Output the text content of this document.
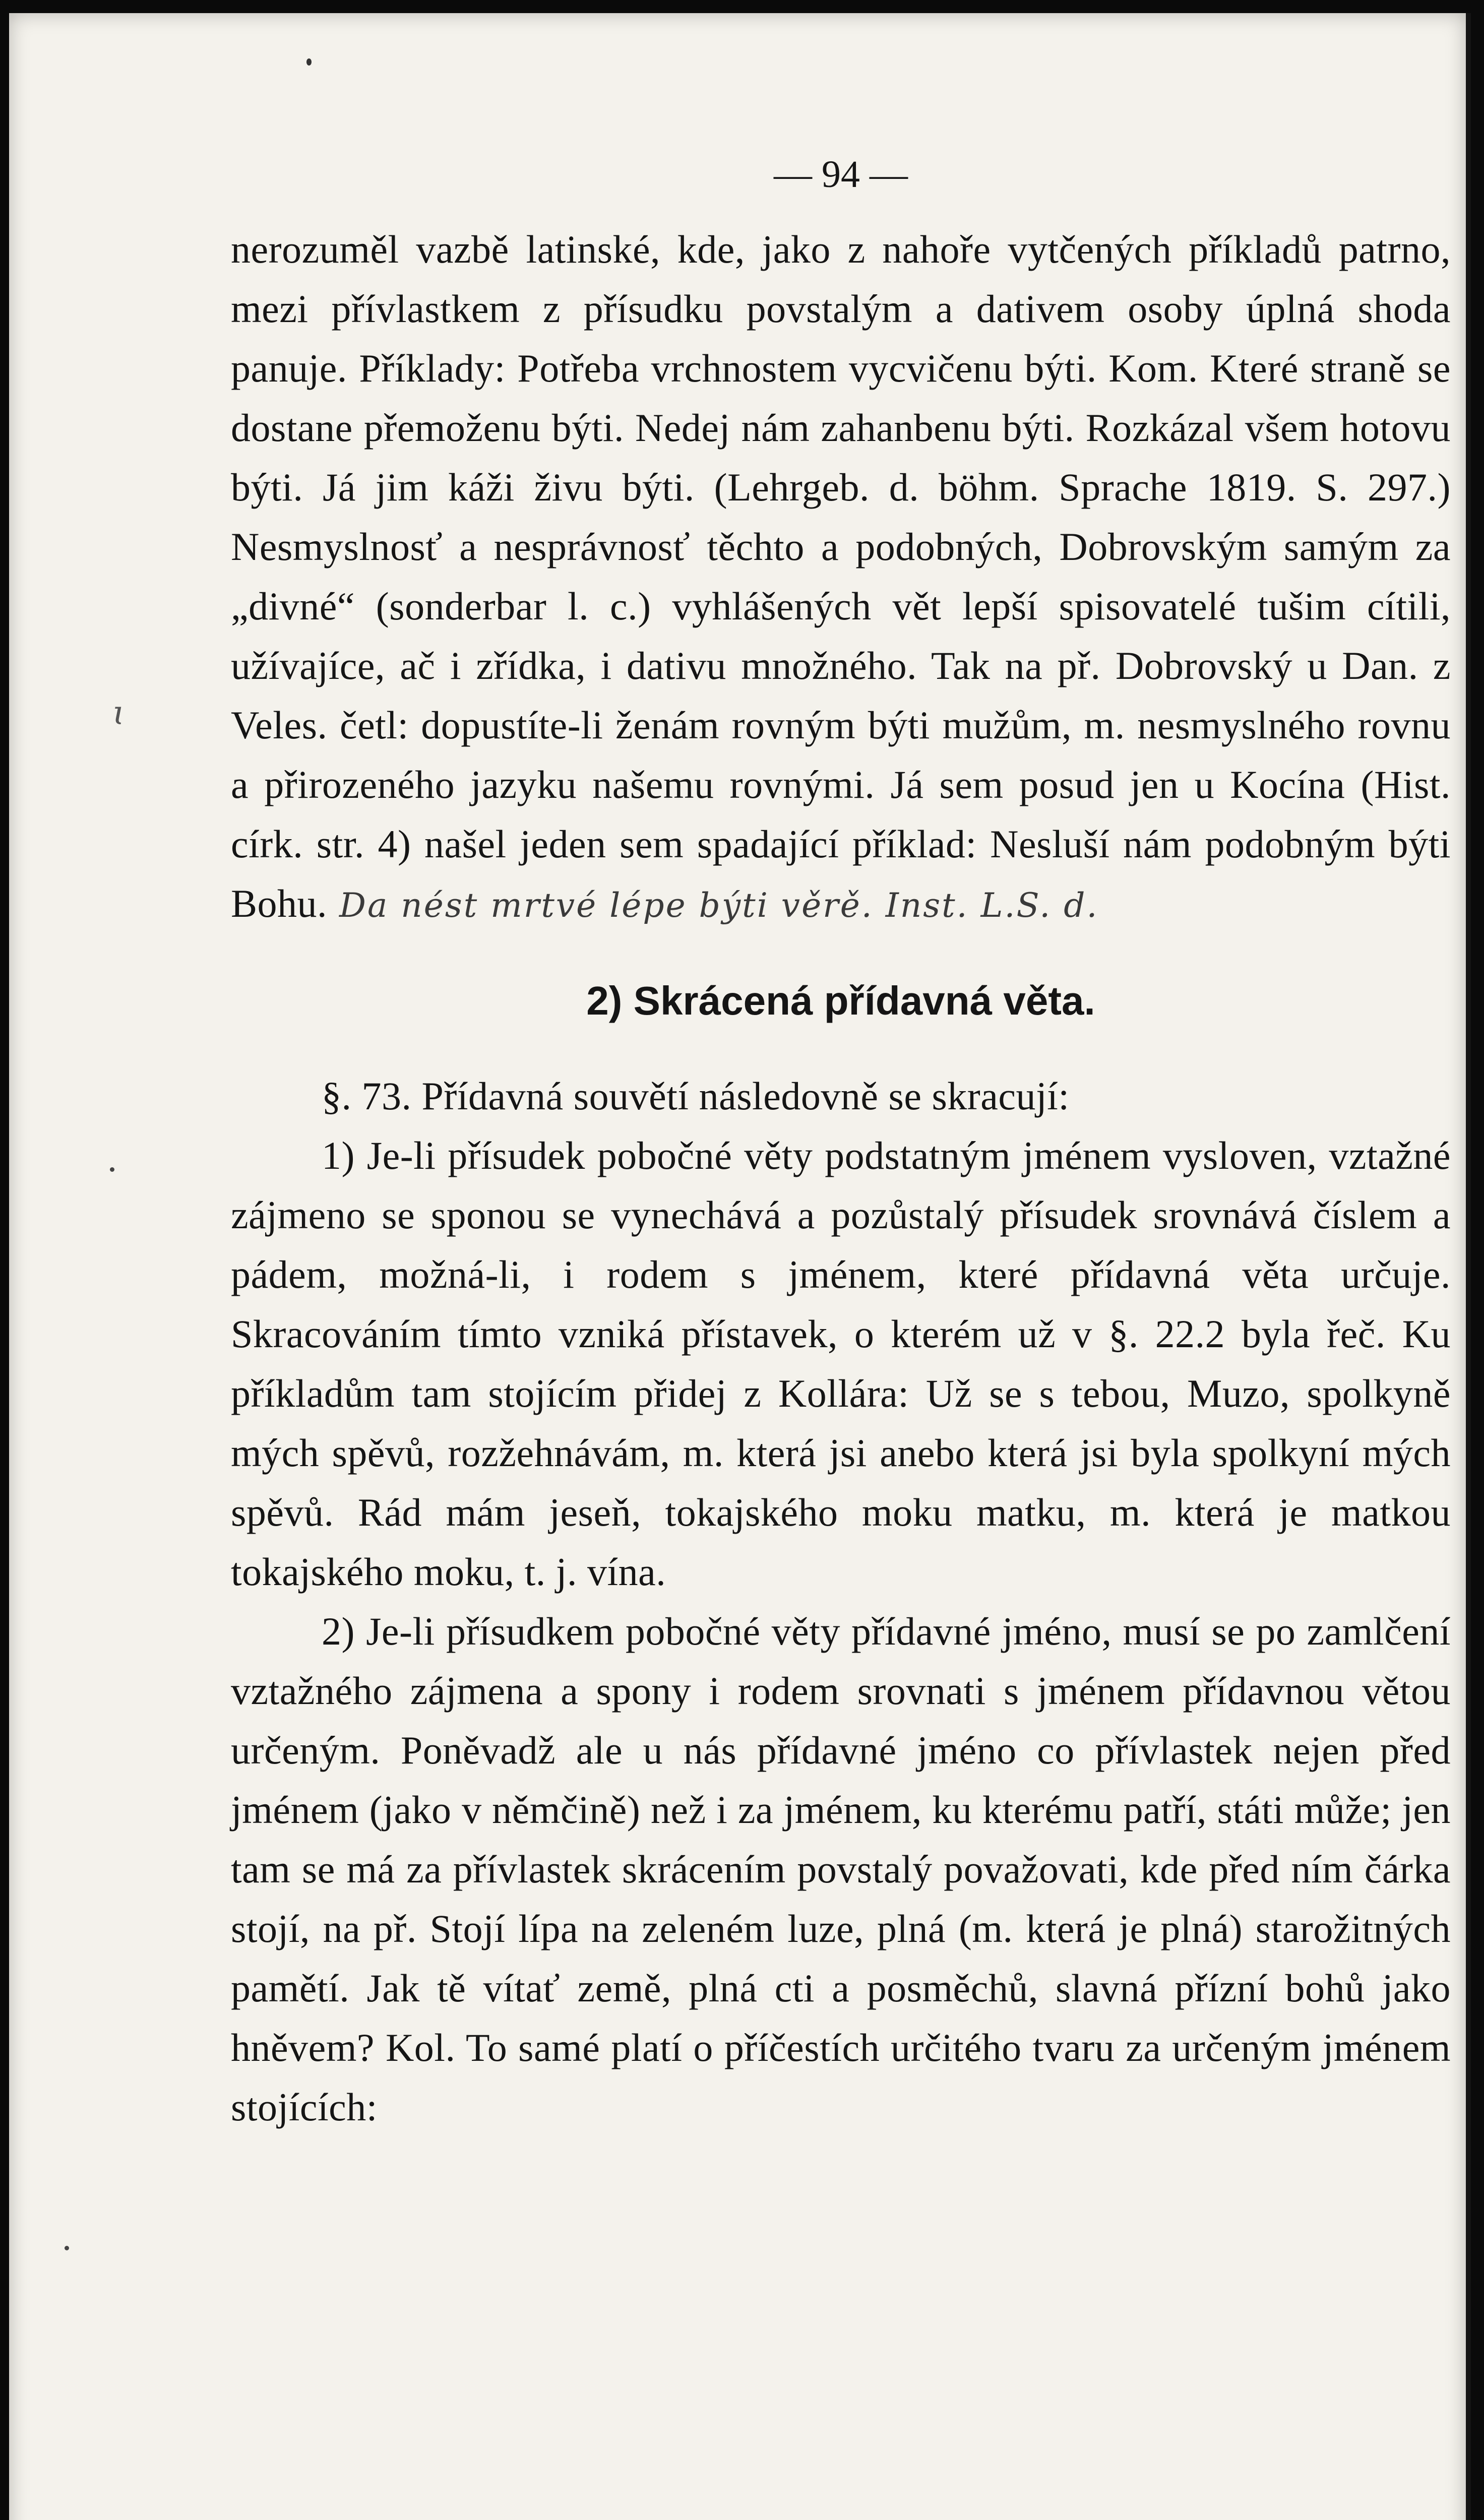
ɩ
— 94 —

nerozuměl vazbě latinské, kde, jako z nahoře vytčených příkladů patrno, mezi přívlastkem z přísudku povstalým a dativem osoby úplná shoda panuje. Příklady: Potřeba vrchnostem vycvičenu býti. Kom. Které straně se dostane přemoženu býti. Nedej nám zahanbenu býti. Rozkázal všem hotovu býti. Já jim káži živu býti. (Lehrgeb. d. böhm. Sprache 1819. S. 297.) Nesmyslnosť a nesprávnosť těchto a podobných, Dobrovským samým za „divné“ (sonderbar l. c.) vyhlášených vět lepší spisovatelé tušim cítili, užívajíce, ač i zřídka, i dativu množného. Tak na př. Dobrovský u Dan. z Veles. četl: dopustíte-li ženám rovným býti mužům, m. nesmyslného rovnu a přirozeného jazyku našemu rovnými. Já sem posud jen u Kocína (Hist. círk. str. 4) našel jeden sem spadající příklad: Nesluší nám podobným býti Bohu. Da nést mrtvé lépe býti věrě. Inst. L.S. d.

2) Skrácená přídavná věta.

§. 73. Přídavná souvětí následovně se skracují:

1) Je-li přísudek pobočné věty podstatným jménem vysloven, vztažné zájmeno se sponou se vynechává a pozůstalý přísudek srovnává číslem a pádem, možná-li, i rodem s jménem, které přídavná věta určuje. Skracováním tímto vzniká přístavek, o kterém už v §. 22.2 byla řeč. Ku příkladům tam stojícím přidej z Kollára: Už se s tebou, Muzo, spolkyně mých spěvů, rozžehnávám, m. která jsi anebo která jsi byla spolkyní mých spěvů. Rád mám jeseň, tokajského moku matku, m. která je matkou tokajského moku, t. j. vína.

2) Je-li přísudkem pobočné věty přídavné jméno, musí se po zamlčení vztažného zájmena a spony i rodem srovnati s jménem přídavnou větou určeným. Poněvadž ale u nás přídavné jméno co přívlastek nejen před jménem (jako v němčině) než i za jménem, ku kterému patří, státi může; jen tam se má za přívlastek skrácením povstalý považovati, kde před ním čárka stojí, na př. Stojí lípa na zeleném luze, plná (m. která je plná) starožitných pamětí. Jak tě vítať země, plná cti a posměchů, slavná přízní bohů jako hněvem? Kol. To samé platí o příčestích určitého tvaru za určeným jménem stojících:
